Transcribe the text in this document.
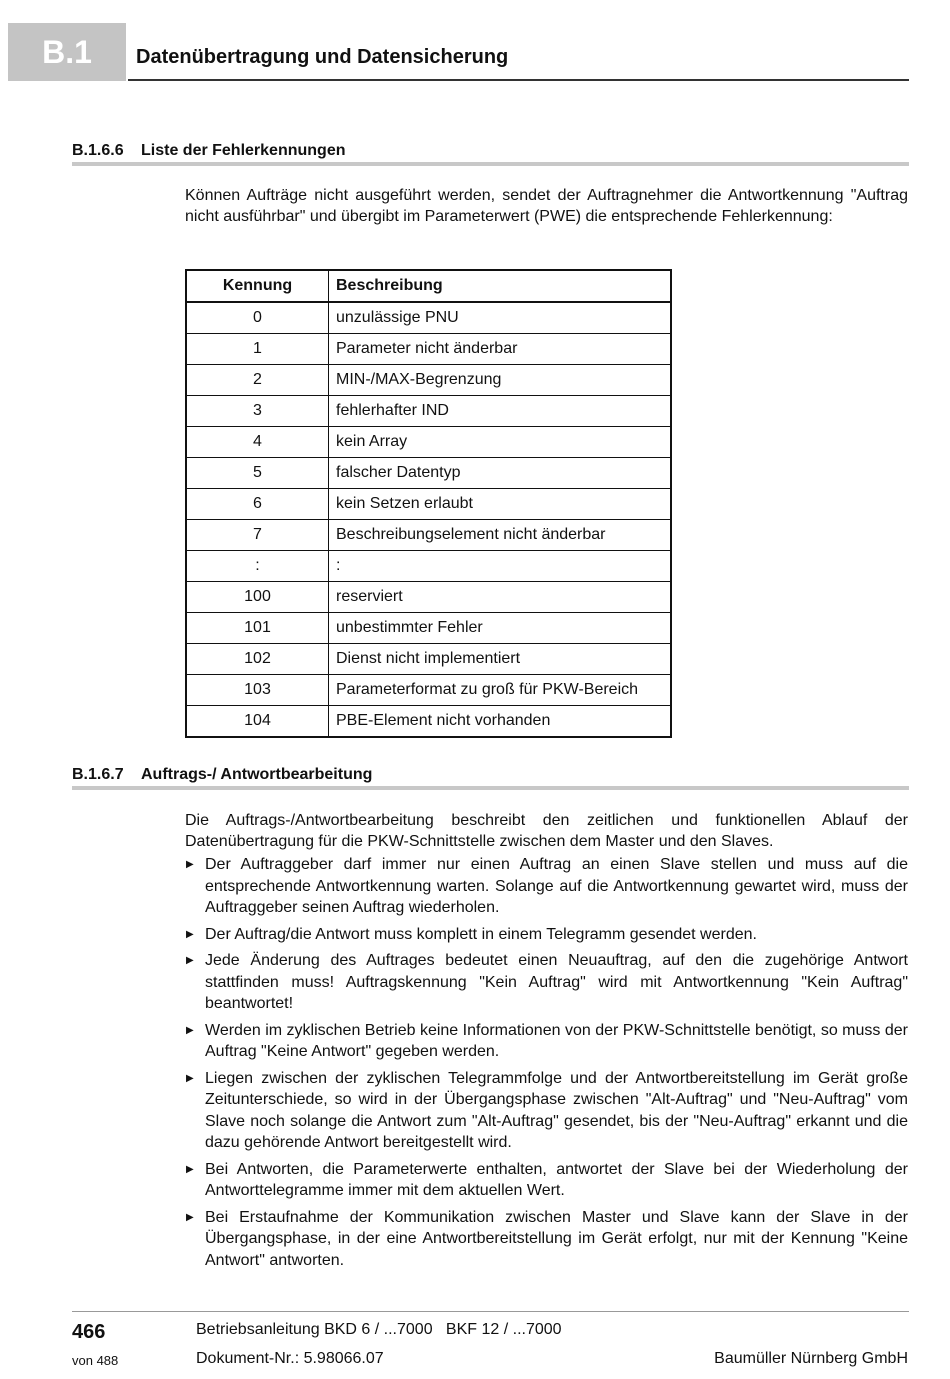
B.1 Datenübertragung und Datensicherung
B.1.6.6 Liste der Fehlerkennungen
Können Aufträge nicht ausgeführt werden, sendet der Auftragnehmer die Antwortkennung "Auftrag nicht ausführbar" und übergibt im Parameterwert (PWE) die entsprechende Fehlerkennung:
Kennung	Beschreibung
0	unzulässige PNU
1	Parameter nicht änderbar
2	MIN-/MAX-Begrenzung
3	fehlerhafter IND
4	kein Array
5	falscher Datentyp
6	kein Setzen erlaubt
7	Beschreibungselement nicht änderbar
:	:
100	reserviert
101	unbestimmter Fehler
102	Dienst nicht implementiert
103	Parameterformat zu groß für PKW-Bereich
104	PBE-Element nicht vorhanden
B.1.6.7 Auftrags-/ Antwortbearbeitung
Die Auftrags-/Antwortbearbeitung beschreibt den zeitlichen und funktionellen Ablauf der Datenübertragung für die PKW-Schnittstelle zwischen dem Master und den Slaves.
▶ Der Auftraggeber darf immer nur einen Auftrag an einen Slave stellen und muss auf die entsprechende Antwortkennung warten. Solange auf die Antwortkennung gewartet wird, muss der Auftraggeber seinen Auftrag wiederholen.
▶ Der Auftrag/die Antwort muss komplett in einem Telegramm gesendet werden.
▶ Jede Änderung des Auftrages bedeutet einen Neuauftrag, auf den die zugehörige Antwort stattfinden muss! Auftragskennung "Kein Auftrag" wird mit Antwortkennung "Kein Auftrag" beantwortet!
▶ Werden im zyklischen Betrieb keine Informationen von der PKW-Schnittstelle benötigt, so muss der Auftrag "Keine Antwort" gegeben werden.
▶ Liegen zwischen der zyklischen Telegrammfolge und der Antwortbereitstellung im Gerät große Zeitunterschiede, so wird in der Übergangsphase zwischen "Alt-Auftrag" und "Neu-Auftrag" vom Slave noch solange die Antwort zum "Alt-Auftrag" gesendet, bis der "Neu-Auftrag" erkannt und die dazu gehörende Antwort bereitgestellt wird.
▶ Bei Antworten, die Parameterwerte enthalten, antwortet der Slave bei der Wiederholung der Antworttelegramme immer mit dem aktuellen Wert.
▶ Bei Erstaufnahme der Kommunikation zwischen Master und Slave kann der Slave in der Übergangsphase, in der eine Antwortbereitstellung im Gerät erfolgt, nur mit der Kennung "Keine Antwort" antworten.
466
von 488
Betriebsanleitung BKD 6 / ...7000   BKF 12 / ...7000
Dokument-Nr.: 5.98066.07	Baumüller Nürnberg GmbH
